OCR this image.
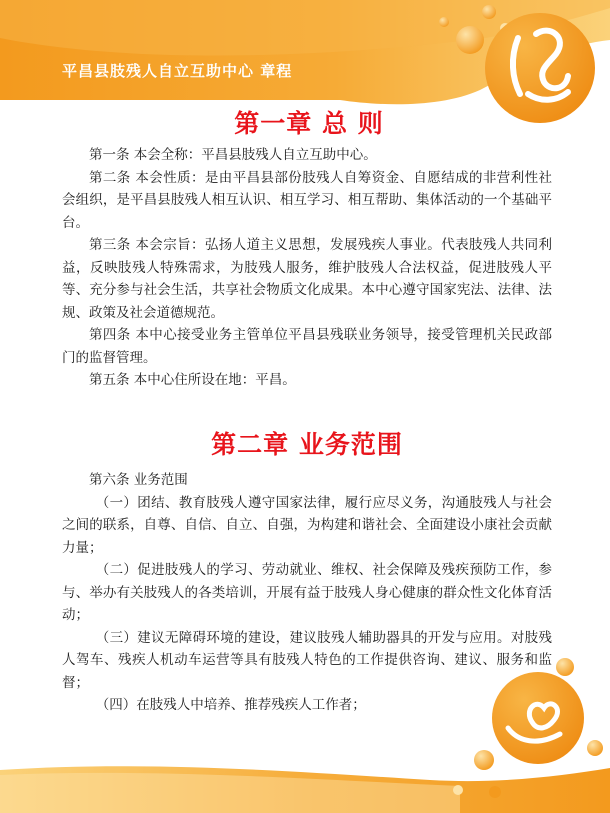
平昌县肢残人自立互助中心 章程
第一章 总 则

第一条 本会全称：平昌县肢残人自立互助中心。

第二条 本会性质：是由平昌县部份肢残人自筹资金、自愿结成的非营利性社会组织，是平昌县肢残人相互认识、相互学习、相互帮助、集体活动的一个基础平台。

第三条 本会宗旨：弘扬人道主义思想，发展残疾人事业。代表肢残人共同利益，反映肢残人特殊需求，为肢残人服务，维护肢残人合法权益，促进肢残人平等、充分参与社会生活，共享社会物质文化成果。本中心遵守国家宪法、法律、法规、政策及社会道德规范。

第四条 本中心接受业务主管单位平昌县残联业务领导，接受管理机关民政部门的监督管理。

第五条 本中心住所设在地：平昌。

第二章 业务范围

第六条 业务范围

（一）团结、教育肢残人遵守国家法律，履行应尽义务，沟通肢残人与社会之间的联系，自尊、自信、自立、自强，为构建和谐社会、全面建设小康社会贡献力量；

（二）促进肢残人的学习、劳动就业、维权、社会保障及残疾预防工作，参与、举办有关肢残人的各类培训，开展有益于肢残人身心健康的群众性文化体育活动；

（三）建议无障碍环境的建设，建议肢残人辅助器具的开发与应用。对肢残人驾车、残疾人机动车运营等具有肢残人特色的工作提供咨询、建议、服务和监督；

（四）在肢残人中培养、推荐残疾人工作者；
